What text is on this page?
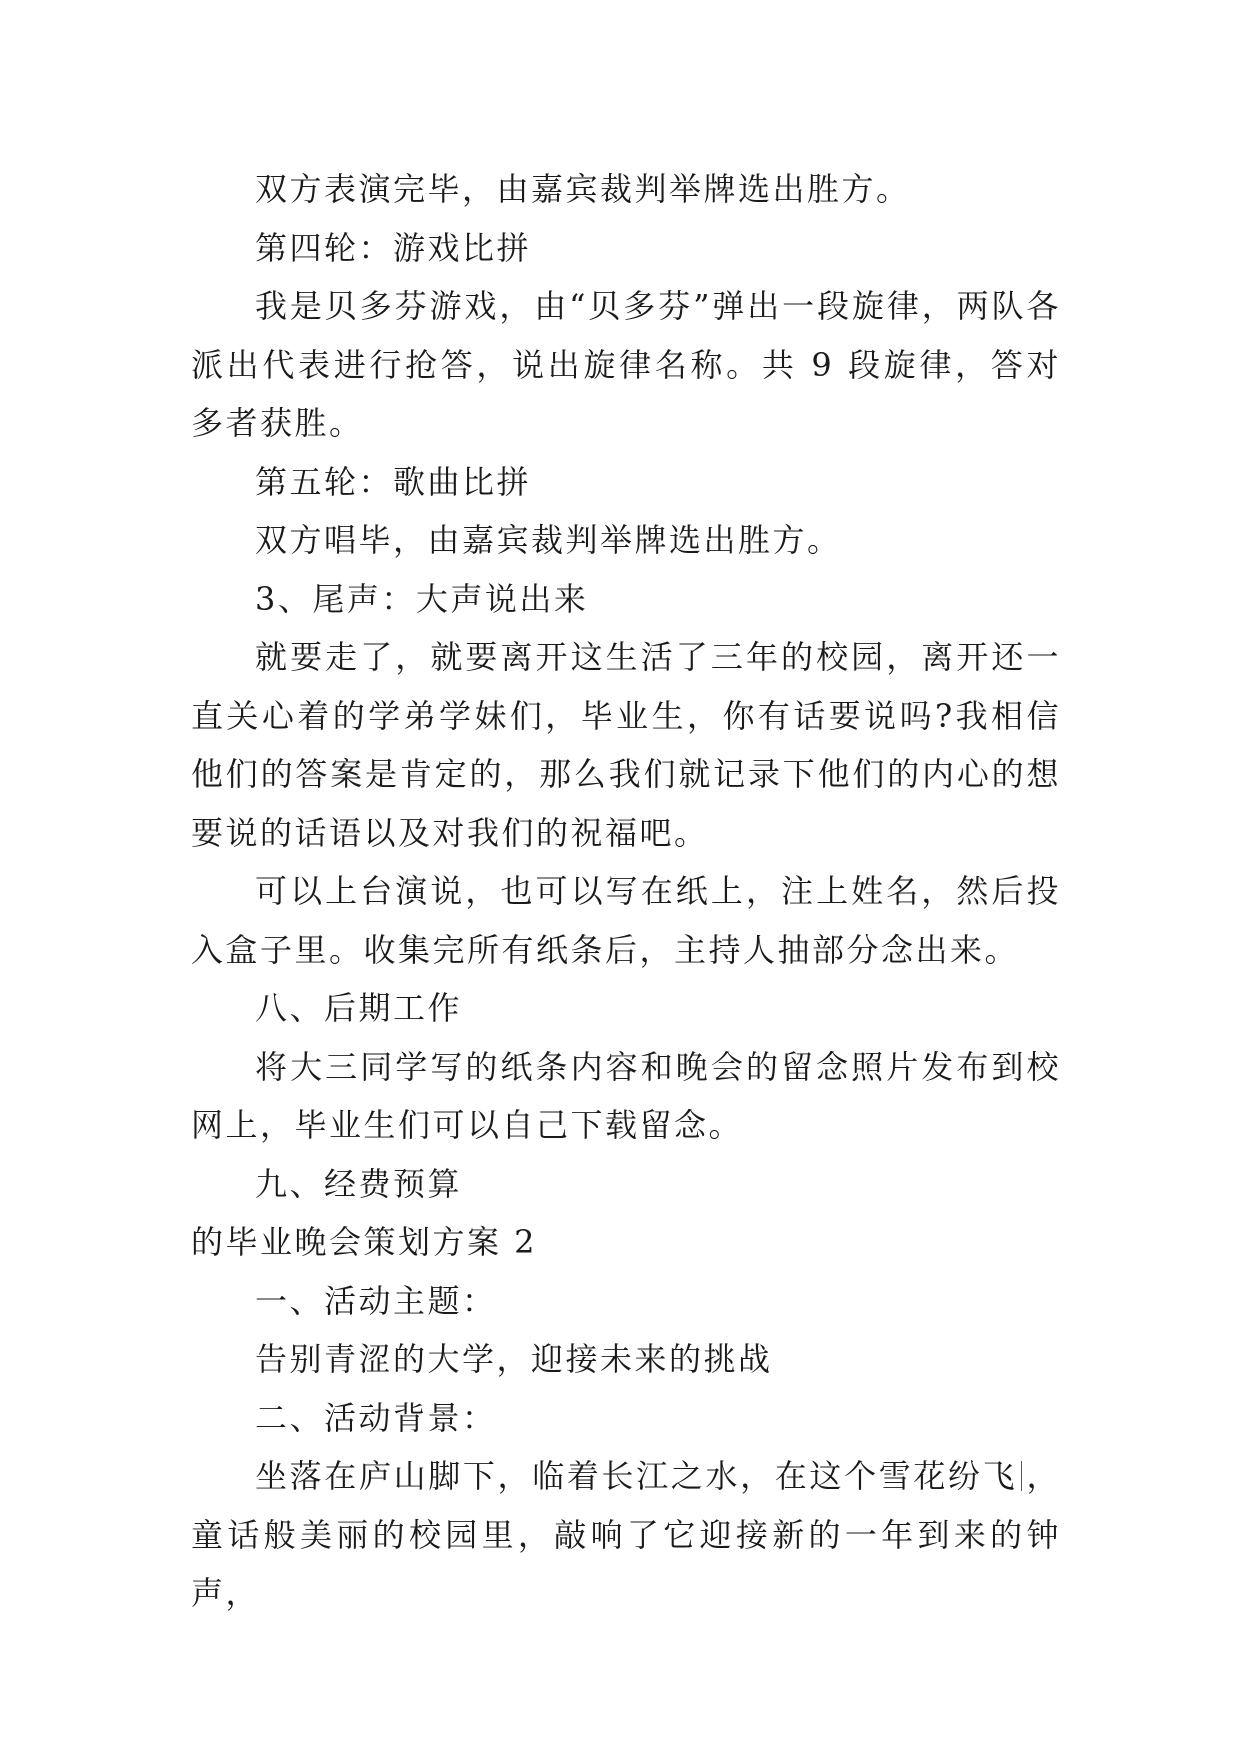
双方表演完毕，由嘉宾裁判举牌选出胜方。

第四轮：游戏比拼

我是贝多芬游戏，由“贝多芬”弹出一段旋律，两队各派出代表进行抢答，说出旋律名称。共 9 段旋律，答对多者获胜。

第五轮：歌曲比拼

双方唱毕，由嘉宾裁判举牌选出胜方。

3、尾声：大声说出来

就要走了，就要离开这生活了三年的校园，离开还一直关心着的学弟学妹们，毕业生，你有话要说吗?我相信他们的答案是肯定的，那么我们就记录下他们的内心的想要说的话语以及对我们的祝福吧。

可以上台演说，也可以写在纸上，注上姓名，然后投入盒子里。收集完所有纸条后，主持人抽部分念出来。

八、后期工作

将大三同学写的纸条内容和晚会的留念照片发布到校网上，毕业生们可以自己下载留念。

九、经费预算

的毕业晚会策划方案 2

一、活动主题：

告别青涩的大学，迎接未来的挑战

二、活动背景：

坐落在庐山脚下，临着长江之水，在这个雪花纷飞 ，童话般美丽的校园里，敲响了它迎接新的一年到来的钟声，
